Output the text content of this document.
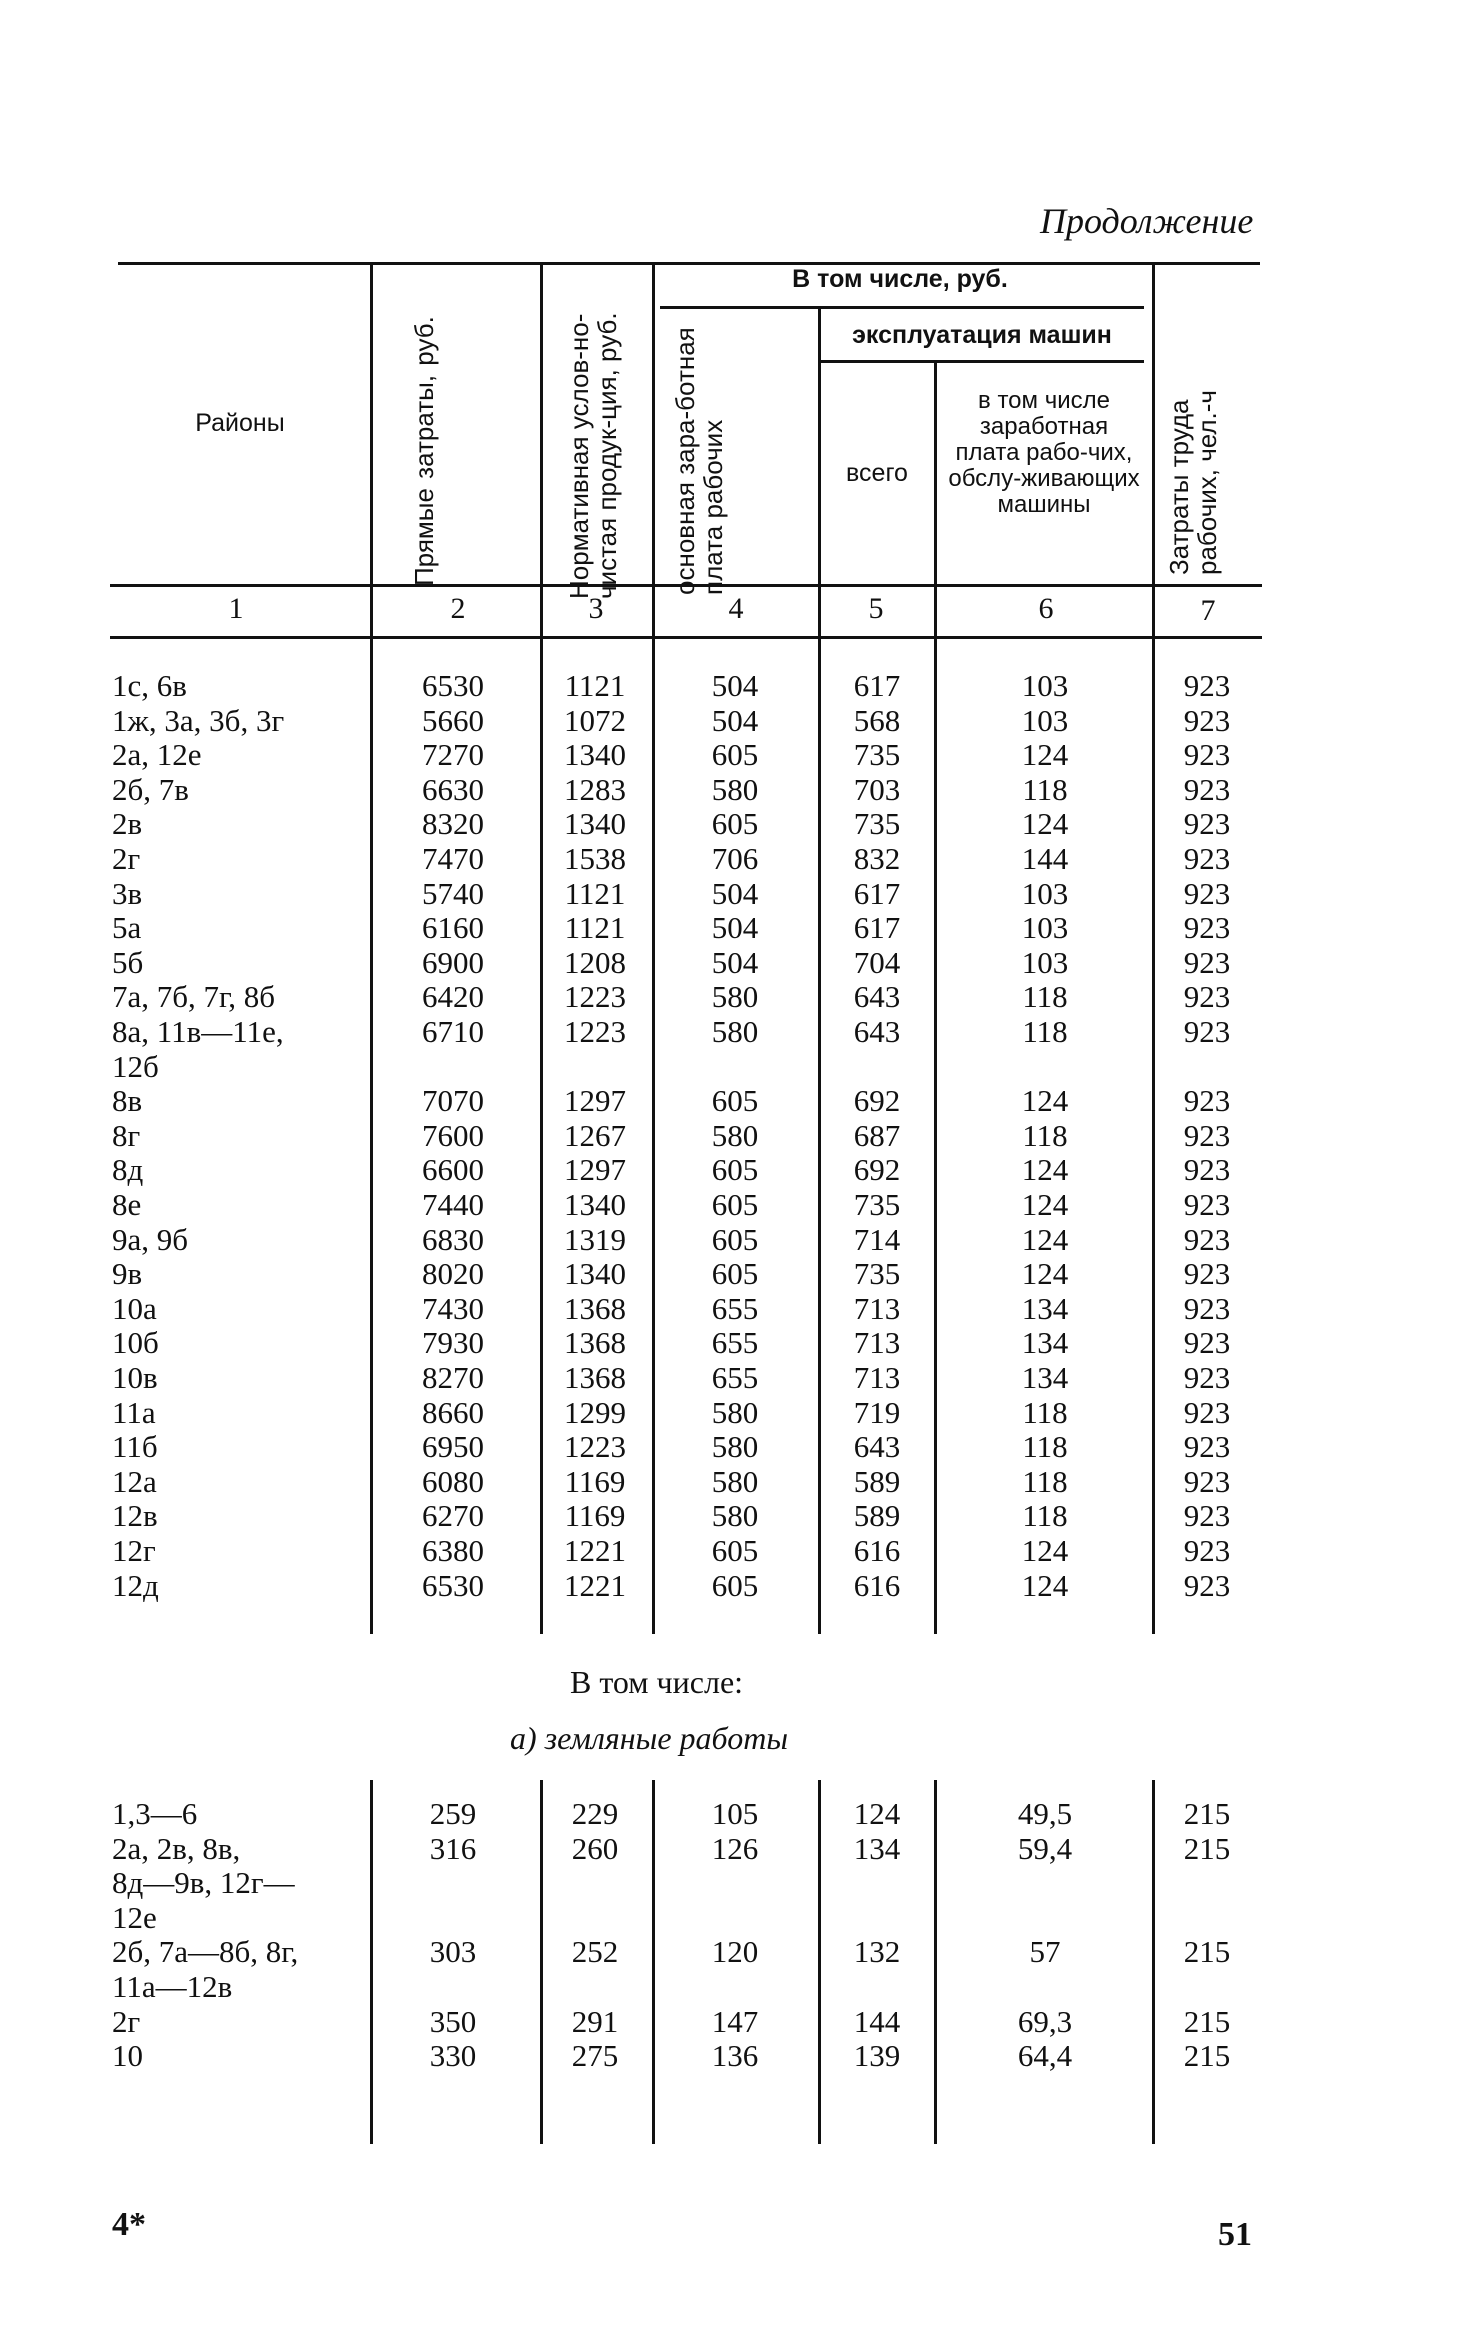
Продолжение
Районы	Прямые затраты, руб.	Нормативная услов-но-чистая продук-ция, руб.
В том числе, руб.
основная зара-ботная плата рабочих
эксплуатация машин
всего
в том числе заработная плата рабо-чих, обслу-живающих машины	Затраты труда рабочих, чел.-ч
1	2	3	4	5	6	7
1с, 6в	6530	1121	504	617	103	923
1ж, 3а, 3б, 3г	5660	1072	504	568	103	923
2а, 12е	7270	1340	605	735	124	923
2б, 7в	6630	1283	580	703	118	923
2в	8320	1340	605	735	124	923
2г	7470	1538	706	832	144	923
3в	5740	1121	504	617	103	923
5а	6160	1121	504	617	103	923
5б	6900	1208	504	704	103	923
7а, 7б, 7г, 8б	6420	1223	580	643	118	923
8а, 11в—11е,
12б
6710	1223	580	643	118	923
8в	7070	1297	605	692	124	923
8г	7600	1267	580	687	118	923
8д	6600	1297	605	692	124	923
8е	7440	1340	605	735	124	923
9а, 9б	6830	1319	605	714	124	923
9в	8020	1340	605	735	124	923
10а	7430	1368	655	713	134	923
10б	7930	1368	655	713	134	923
10в	8270	1368	655	713	134	923
11а	8660	1299	580	719	118	923
11б	6950	1223	580	643	118	923
12а	6080	1169	580	589	118	923
12в	6270	1169	580	589	118	923
12г	6380	1221	605	616	124	923
12д	6530	1221	605	616	124	923
В том числе:
а) земляные работы
1,3—6	259	229	105	124	49,5	215
2а, 2в, 8в,
8д—9в, 12г—
12е
316	260	126	134	59,4	215
2б, 7а—8б, 8г,
11а—12в
303	252	120	132	57	215
2г	350	291	147	144	69,3	215
10	330	275	136	139	64,4	215
4*	51
